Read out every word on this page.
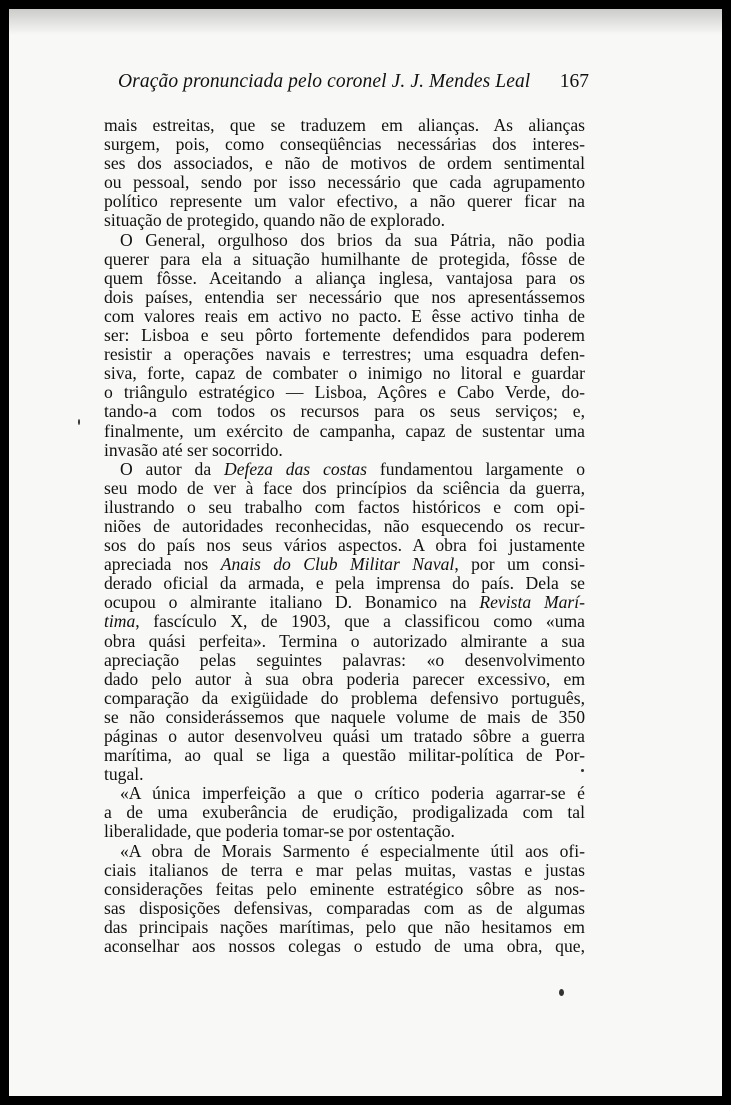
Oração pronunciada pelo coronel J. J. Mendes Leal 167
mais estreitas, que se traduzem em alianças. As alianças
surgem, pois, como conseqüências necessárias dos interes-
ses dos associados, e não de motivos de ordem sentimental
ou pessoal, sendo por isso necessário que cada agrupamento
político represente um valor efectivo, a não querer ficar na
situação de protegido, quando não de explorado.
O General, orgulhoso dos brios da sua Pátria, não podia
querer para ela a situação humilhante de protegida, fôsse de
quem fôsse. Aceitando a aliança inglesa, vantajosa para os
dois países, entendia ser necessário que nos apresentássemos
com valores reais em activo no pacto. E êsse activo tinha de
ser: Lisboa e seu pôrto fortemente defendidos para poderem
resistir a operações navais e terrestres; uma esquadra defen-
siva, forte, capaz de combater o inimigo no litoral e guardar
o triângulo estratégico — Lisboa, Açôres e Cabo Verde, do-
tando-a com todos os recursos para os seus serviços; e,
finalmente, um exército de campanha, capaz de sustentar uma
invasão até ser socorrido.
O autor da Defeza das costas fundamentou largamente o
seu modo de ver à face dos princípios da sciência da guerra,
ilustrando o seu trabalho com factos históricos e com opi-
niões de autoridades reconhecidas, não esquecendo os recur-
sos do país nos seus vários aspectos. A obra foi justamente
apreciada nos Anais do Club Militar Naval, por um consi-
derado oficial da armada, e pela imprensa do país. Dela se
ocupou o almirante italiano D. Bonamico na Revista Marí-
tima, fascículo X, de 1903, que a classificou como «uma
obra quási perfeita». Termina o autorizado almirante a sua
apreciação pelas seguintes palavras: «o desenvolvimento
dado pelo autor à sua obra poderia parecer excessivo, em
comparação da exigüidade do problema defensivo português,
se não considerássemos que naquele volume de mais de 350
páginas o autor desenvolveu quási um tratado sôbre a guerra
marítima, ao qual se liga a questão militar-política de Por-
tugal.
«A única imperfeição a que o crítico poderia agarrar-se é
a de uma exuberância de erudição, prodigalizada com tal
liberalidade, que poderia tomar-se por ostentação.
«A obra de Morais Sarmento é especialmente útil aos ofi-
ciais italianos de terra e mar pelas muitas, vastas e justas
considerações feitas pelo eminente estratégico sôbre as nos-
sas disposições defensivas, comparadas com as de algumas
das principais nações marítimas, pelo que não hesitamos em
aconselhar aos nossos colegas o estudo de uma obra, que,
